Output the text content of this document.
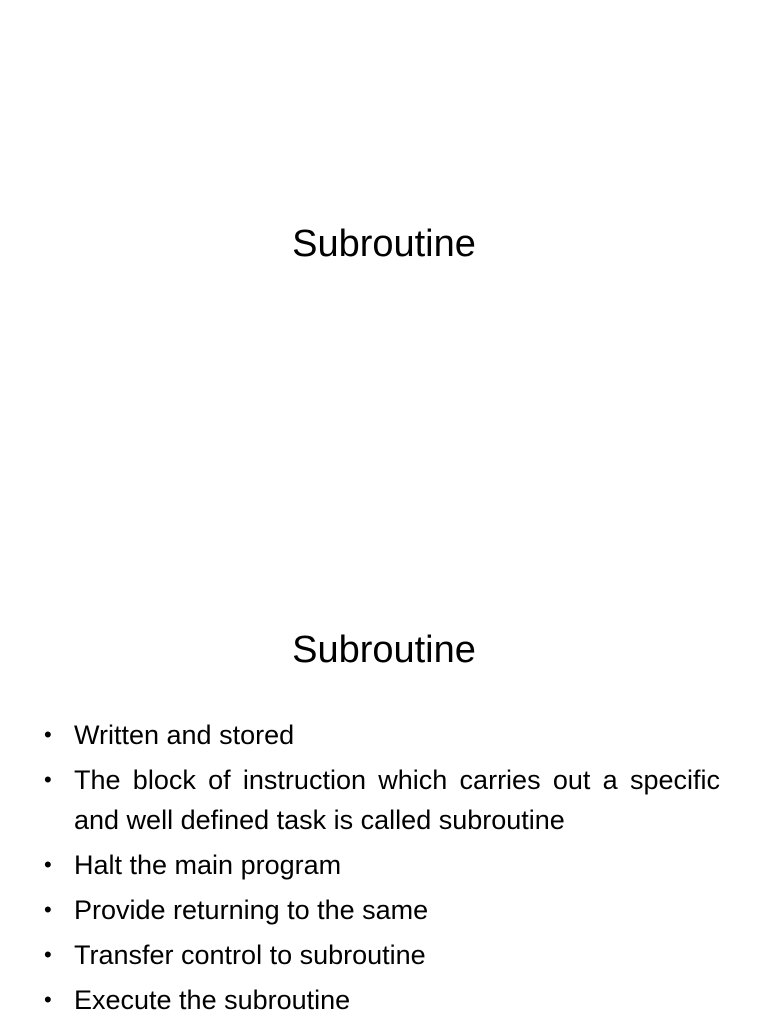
Subroutine
Subroutine
• Written and stored
• The block of instruction which carries out a specific and well defined task is called subroutine
• Halt the main program
• Provide returning to the same
• Transfer control to subroutine
• Execute the subroutine
